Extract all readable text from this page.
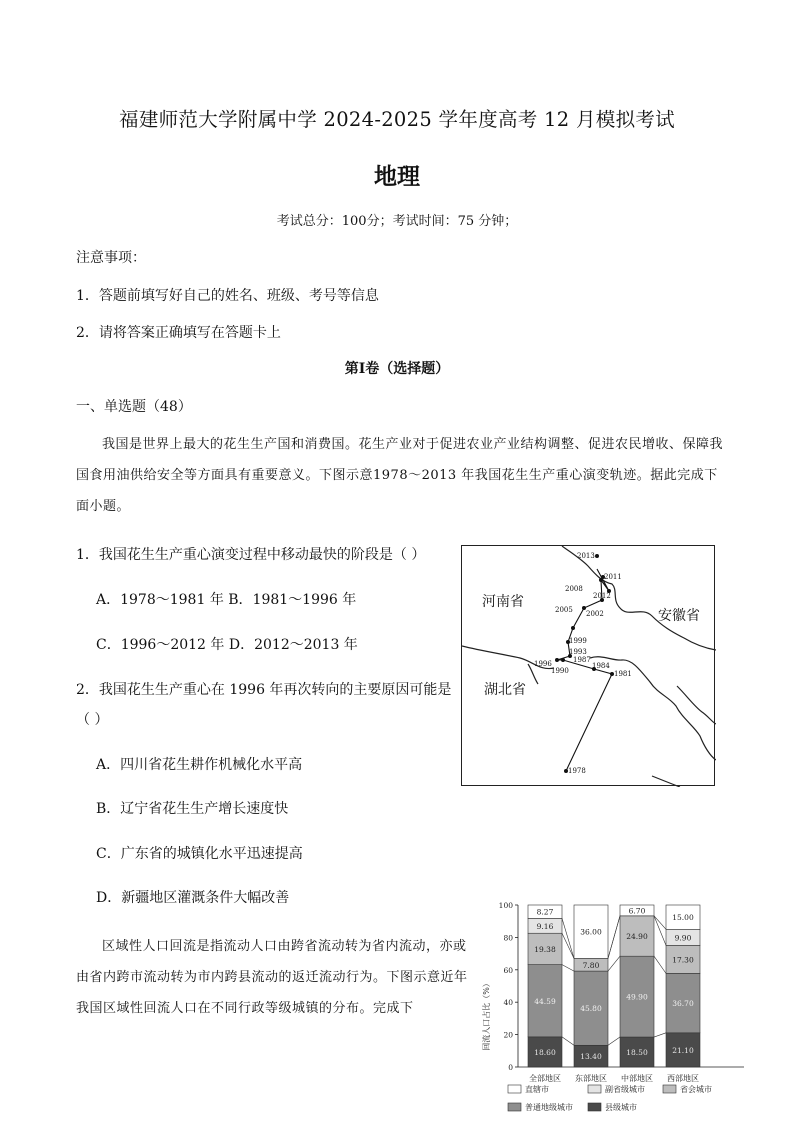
福建师范大学附属中学 2024-2025 学年度高考 12 月模拟考试
地理
考试总分：100分；考试时间：75 分钟；
注意事项：
1．答题前填写好自己的姓名、班级、考号等信息
2．请将答案正确填写在答题卡上
第Ⅰ卷（选择题）
一、单选题（48）
我国是世界上最大的花生生产国和消费国。花生产业对于促进农业产业结构调整、促进农民增收、保障我国食用油供给安全等方面具有重要意义。下图示意1978～2013 年我国花生生产重心演变轨迹。据此完成下面小题。
1．我国花生生产重心演变过程中移动最快的阶段是（ ）
A．1978～1981 年 B．1981～1996 年
C．1996～2012 年 D．2012～2013 年
2．我国花生生产重心在 1996 年再次转向的主要原因可能是
（ ）
A．四川省花生耕作机械化水平高
B．辽宁省花生生产增长速度快
C．广东省的城镇化水平迅速提高
D．新疆地区灌溉条件大幅改善
区域性人口回流是指流动人口由跨省流动转为省内流动，亦或由省内跨市流动转为市内跨县流动的返迁流动行为。下图示意近年我国区域性回流人口在不同行政等级城镇的分布。完成下
河南省
安徽省
湖北省
2013
2011
2008
2012
2005 2002
1999
1993
1987
1996
1990
1984
1981
1978
回流人口占比（%）
0
20
40
60
80
100
18.60
44.59
19.38
9.16
8.27
13.40
45.80
7.80
36.00
18.50
49.90
24.90
6.70
21.10
36.70
17.30
9.90
15.00
全部地区 东部地区 中部地区 西部地区
直辖市	副省级城市	省会城市
普通地级城市	县级城市
